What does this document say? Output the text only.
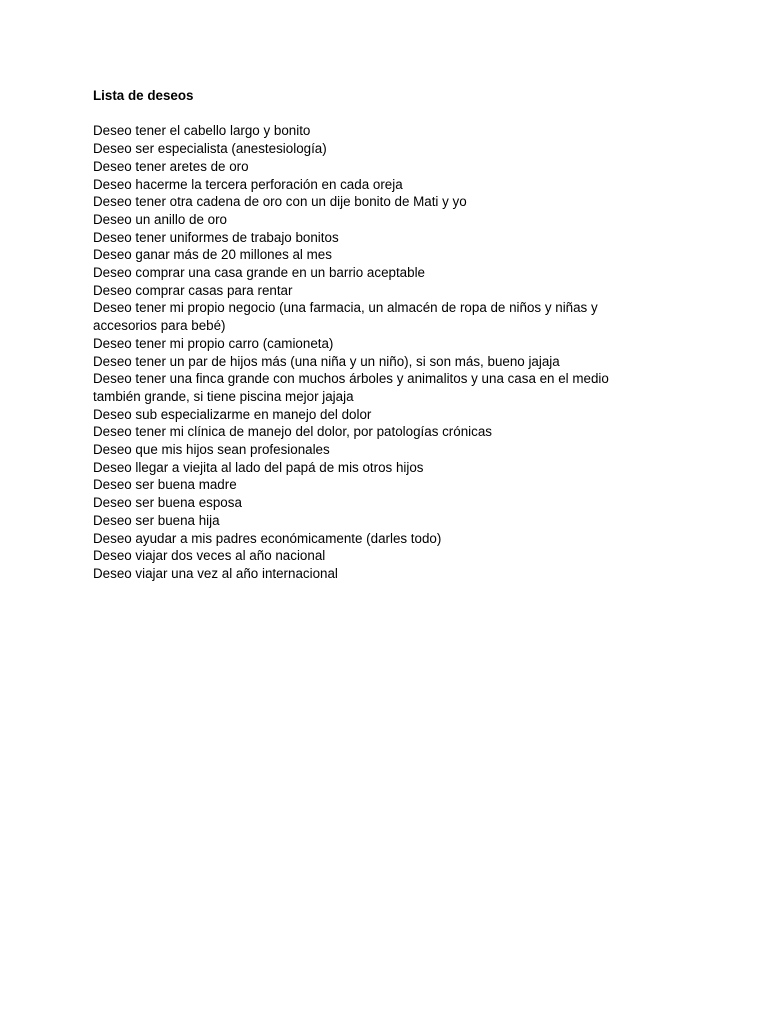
Lista de deseos
Deseo tener el cabello largo y bonito
Deseo ser especialista (anestesiología)
Deseo tener aretes de oro
Deseo hacerme la tercera perforación en cada oreja
Deseo tener otra cadena de oro con un dije bonito de Mati y yo
Deseo un anillo de oro
Deseo tener uniformes de trabajo bonitos
Deseo ganar más de 20 millones al mes
Deseo comprar una casa grande en un barrio aceptable
Deseo comprar casas para rentar
Deseo tener mi propio negocio (una farmacia, un almacén de ropa de niños y niñas y accesorios para bebé)
Deseo tener mi propio carro (camioneta)
Deseo tener un par de hijos más (una niña y un niño), si son más, bueno jajaja
Deseo tener una finca grande con muchos árboles y animalitos y una casa en el medio también grande, si tiene piscina mejor jajaja
Deseo sub especializarme en manejo del dolor
Deseo tener mi clínica de manejo del dolor, por patologías crónicas
Deseo que mis hijos sean profesionales
Deseo llegar a viejita al lado del papá de mis otros hijos
Deseo ser buena madre
Deseo ser buena esposa
Deseo ser buena hija
Deseo ayudar a mis padres económicamente (darles todo)
Deseo viajar dos veces al año nacional
Deseo viajar una vez al año internacional
